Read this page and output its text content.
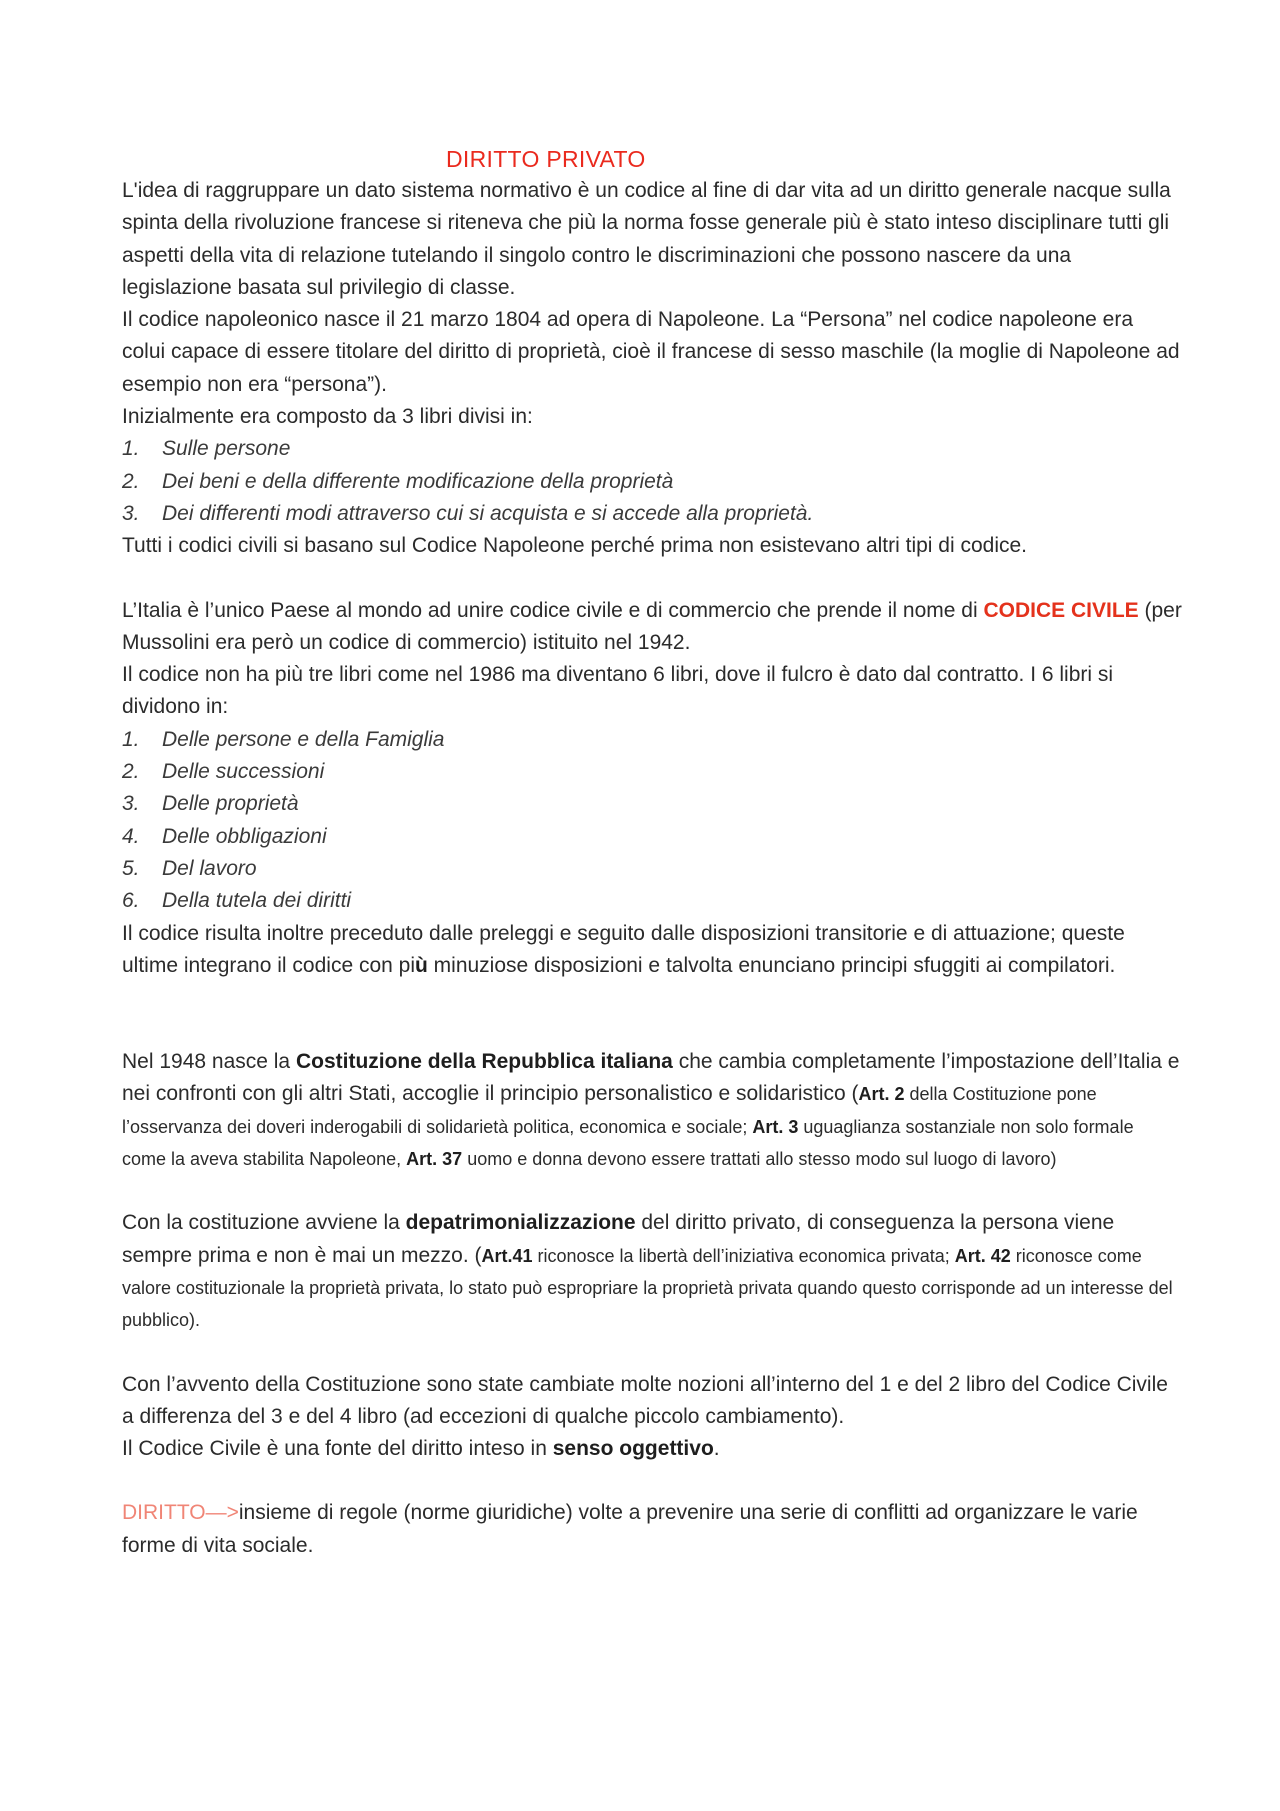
DIRITTO PRIVATO

L'idea di raggruppare un dato sistema normativo è un codice al fine di dar vita ad un diritto generale nacque sulla spinta della rivoluzione francese si riteneva che più la norma fosse generale più è stato inteso disciplinare tutti gli aspetti della vita di relazione tutelando il singolo contro le discriminazioni che possono nascere da una legislazione basata sul privilegio di classe.

Il codice napoleonico nasce il 21 marzo 1804 ad opera di Napoleone. La “Persona” nel codice napoleone era colui capace di essere titolare del diritto di proprietà, cioè il francese di sesso maschile (la moglie di Napoleone ad esempio non era “persona”).

Inizialmente era composto da 3 libri divisi in:

1.	Sulle persone
2.	Dei beni e della differente modificazione della proprietà
3.	Dei differenti modi attraverso cui si acquista e si accede alla proprietà.

Tutti i codici civili si basano sul Codice Napoleone perché prima non esistevano altri tipi di codice.

L’Italia è l’unico Paese al mondo ad unire codice civile e di commercio che prende il nome di CODICE CIVILE (per Mussolini era però un codice di commercio) istituito nel 1942.

Il codice non ha più tre libri come nel 1986 ma diventano 6 libri, dove il fulcro è dato dal contratto. I 6 libri si dividono in:

1.	Delle persone e della Famiglia
2.	Delle successioni
3.	Delle proprietà
4.	Delle obbligazioni
5.	Del lavoro
6.	Della tutela dei diritti

Il codice risulta inoltre preceduto dalle preleggi e seguito dalle disposizioni transitorie e di attuazione; queste ultime integrano il codice con più minuziose disposizioni e talvolta enunciano principi sfuggiti ai compilatori.

Nel 1948 nasce la Costituzione della Repubblica italiana che cambia completamente l’impostazione dell’Italia e nei confronti con gli altri Stati, accoglie il principio personalistico e solidaristico (Art. 2 della Costituzione pone l’osservanza dei doveri inderogabili di solidarietà politica, economica e sociale; Art. 3 uguaglianza sostanziale non solo formale come la aveva stabilita Napoleone, Art. 37 uomo e donna devono essere trattati allo stesso modo sul luogo di lavoro)

Con la costituzione avviene la depatrimonializzazione del diritto privato, di conseguenza la persona viene sempre prima e non è mai un mezzo. (Art.41 riconosce la libertà dell’iniziativa economica privata; Art. 42 riconosce come valore costituzionale la proprietà privata, lo stato può espropriare la proprietà privata quando questo corrisponde ad un interesse del pubblico).

Con l’avvento della Costituzione sono state cambiate molte nozioni all’interno del 1 e del 2 libro del Codice Civile a differenza del 3 e del 4 libro (ad eccezioni di qualche piccolo cambiamento).

Il Codice Civile è una fonte del diritto inteso in senso oggettivo.

DIRITTO—>insieme di regole (norme giuridiche) volte a prevenire una serie di conflitti ad organizzare le varie forme di vita sociale.
